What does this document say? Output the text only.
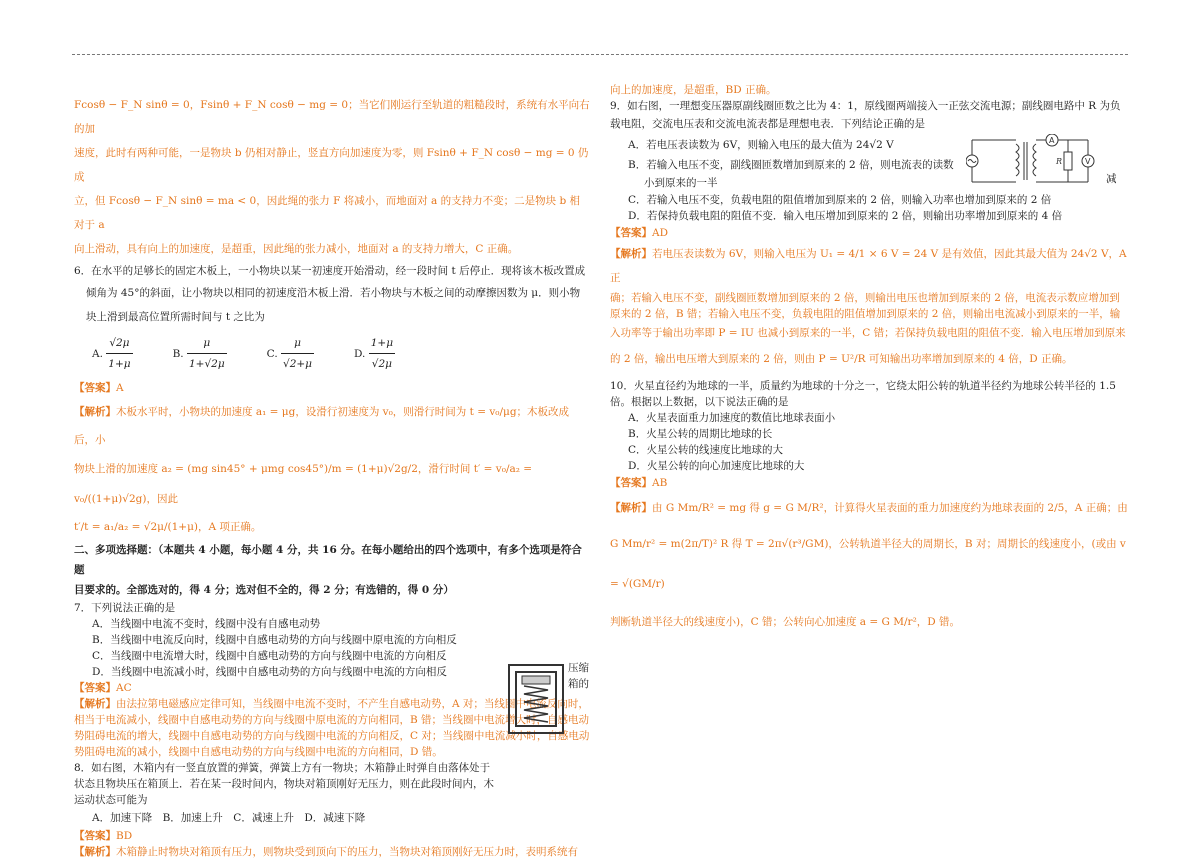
Fcosθ − F_N sinθ = 0，Fsinθ + F_N cosθ − mg = 0；当它们刚运行至轨道的粗糙段时，系统有水平向右的加

速度，此时有两种可能，一是物块 b 仍相对静止，竖直方向加速度为零，则 Fsinθ + F_N cosθ − mg = 0 仍成

立，但 Fcosθ − F_N sinθ = ma < 0，因此绳的张力 F 将减小，而地面对 a 的支持力不变；二是物块 b 相对于 a

向上滑动，具有向上的加速度，是超重，因此绳的张力减小，地面对 a 的支持力增大，C 正确。

6．在水平的足够长的固定木板上，一小物块以某一初速度开始滑动，经一段时间 t 后停止．现将该木板改置成

倾角为 45°的斜面，让小物块以相同的初速度沿木板上滑．若小物块与木板之间的动摩擦因数为 μ．则小物

块上滑到最高位置所需时间与 t 之比为

A. $\frac{√2\mu}{1+\mu}$	B. $\frac{\mu}{1+√2\mu}$	C. $\frac{\mu}{√2+\mu}$	D. $\frac{1+\mu}{√2\mu}$

【答案】A

【解析】木板水平时，小物块的加速度 a₁ = μg，设滑行初速度为 v₀，则滑行时间为 t = v₀/μg；木板改成后，小

物块上滑的加速度 a₂ = (mg sin45° + μmg cos45°)/m = (1+μ)√2g/2，滑行时间 t′ = v₀/a₂ = v₀/((1+μ)√2g)，因此

t′/t = a₁/a₂ = √2μ/(1+μ)，A 项正确。

二、多项选择题：（本题共 4 小题，每小题 4 分，共 16 分。在每小题给出的四个选项中，有多个选项是符合题

目要求的。全部选对的，得 4 分；选对但不全的，得 2 分；有选错的，得 0 分）

7．下列说法正确的是

A．当线圈中电流不变时，线圈中没有自感电动势

B．当线圈中电流反向时，线圈中自感电动势的方向与线圈中原电流的方向相反

C．当线圈中电流增大时，线圈中自感电动势的方向与线圈中电流的方向相反

D．当线圈中电流减小时，线圈中自感电动势的方向与线圈中电流的方向相反

【答案】AC

【解析】由法拉第电磁感应定律可知，当线圈中电流不变时，不产生自感电动势，A 对；当线圈中电流反向时，相当于电流减小，线圈中自感电动势的方向与线圈中原电流的方向相同，B 错；当线圈中电流增大时，自感电动势阻碍电流的增大，线圈中自感电动势的方向与线圈中电流的方向相反，C 对；当线圈中电流减小时，自感电动势阻碍电流的减小，线圈中自感电动势的方向与线圈中电流的方向相同，D 错。

8．如右图，木箱内有一竖直放置的弹簧，弹簧上方有一物块；木箱静止时弹自由落体处于

状态且物块压在箱顶上．若在某一段时间内，物块对箱顶刚好无压力，则在此段时间内，木

运动状态可能为

A．加速下降　B．加速上升　C．减速上升　D．减速下降

【答案】BD

【解析】木箱静止时物块对箱顶有压力，则物块受到顶向下的压力，当物块对箱顶刚好无压力时，表明系统有

压缩
箱的

向上的加速度，是超重，BD 正确。

9．如右图，一理想变压器原副线圈匝数之比为 4：1，原线圈两端接入一正弦交流电源；副线圈电路中 R 为负

载电阻，交流电压表和交流电流表都是理想电表．下列结论正确的是

A．若电压表读数为 6V，则输入电压的最大值为 24√2 V

B．若输入电压不变，副线圈匝数增加到原来的 2 倍，则电流表的读数

小到原来的一半

C．若输入电压不变，负载电阻的阻值增加到原来的 2 倍，则输入功率也增加到原来的 2 倍

D．若保持负载电阻的阻值不变．输入电压增加到原来的 2 倍，则输出功率增加到原来的 4 倍

【答案】AD

【解析】若电压表读数为 6V，则输入电压为 U₁ = 4/1 × 6 V = 24 V 是有效值，因此其最大值为 24√2 V，A 正

确；若输入电压不变，副线圈匝数增加到原来的 2 倍，则输出电压也增加到原来的 2 倍，电流表示数应增加到

原来的 2 倍，B 错；若输入电压不变，负载电阻的阻值增加到原来的 2 倍，则输出电流减小到原来的一半，输

入功率等于输出功率即 P = IU 也减小到原来的一半，C 错；若保持负载电阻的阻值不变．输入电压增加到原来

的 2 倍，输出电压增大到原来的 2 倍，则由 P = U²/R 可知输出功率增加到原来的 4 倍，D 正确。

10．火星直径约为地球的一半，质量约为地球的十分之一，它绕太阳公转的轨道半径约为地球公转半径的 1.5

倍。根据以上数据，以下说法正确的是

A．火星表面重力加速度的数值比地球表面小

B．火星公转的周期比地球的长

C．火星公转的线速度比地球的大

D．火星公转的向心加速度比地球的大

【答案】AB

【解析】由 G Mm/R² = mg 得 g = G M/R²，计算得火星表面的重力加速度约为地球表面的 2/5，A 正确；由

G Mm/r² = m(2π/T)² R 得 T = 2π√(r³/GM)，公转轨道半径大的周期长，B 对；周期长的线速度小，(或由 v = √(GM/r)

判断轨道半径大的线速度小)，C 错；公转向心加速度 a = G M/r²，D 错。

A
R	V
减
